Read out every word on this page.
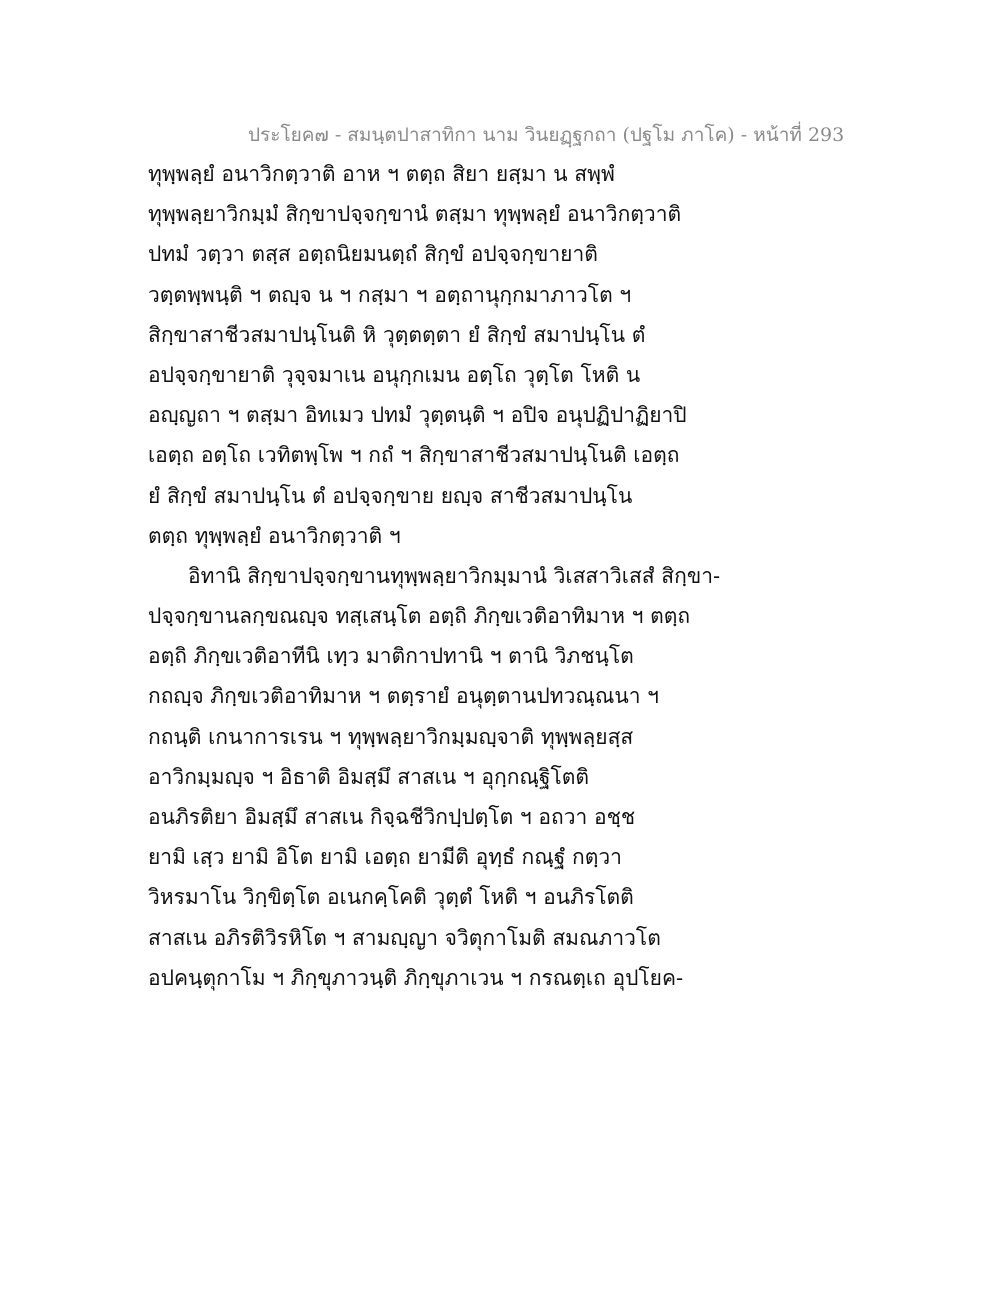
ประโยค๗ - สมนฺตปาสาทิกา นาม วินยฏฺฐกถา (ปฐโม ภาโค) - หน้าที่ 293
ทุพฺพลฺยํ อนาวิกตฺวาติ อาห ฯ ตตฺถ สิยา ยสฺมา น สพฺพํ
ทุพฺพลฺยาวิกมฺมํ สิกฺขาปจฺจกฺขานํ ตสฺมา ทุพฺพลฺยํ อนาวิกตฺวาติ
ปทมํ วตฺวา ตสฺส อตฺถนิยมนตฺถํ สิกฺขํ อปจฺจกฺขายาติ
วตฺตพฺพนฺติ ฯ ตญฺจ น ฯ กสฺมา ฯ อตฺถานุกฺกมาภาวโต ฯ
สิกฺขาสาชีวสมาปนฺโนติ หิ วุตฺตตฺตา ยํ สิกฺขํ สมาปนฺโน ตํ
อปจฺจกฺขายาติ วุจฺจมาเน อนุกฺกเมน อตฺโถ วุตฺโต โหติ น
อญฺญถา ฯ ตสฺมา อิทเมว ปทมํ วุตฺตนฺติ ฯ อปิจ อนุปฏิปาฏิยาปิ
เอตฺถ อตฺโถ เวทิตพฺโพ ฯ กถํ ฯ สิกฺขาสาชีวสมาปนฺโนติ เอตฺถ
ยํ สิกฺขํ สมาปนฺโน ตํ อปจฺจกฺขาย ยญฺจ สาชีวสมาปนฺโน
ตตฺถ ทุพฺพลฺยํ อนาวิกตฺวาติ ฯ
อิทานิ สิกฺขาปจฺจกฺขานทุพฺพลฺยาวิกมฺมานํ วิเสสาวิเสสํ สิกฺขา-
ปจฺจกฺขานลกฺขณญฺจ ทสฺเสนฺโต อตฺถิ ภิกฺขเวติอาทิมาห ฯ ตตฺถ
อตฺถิ ภิกฺขเวติอาทีนิ เทฺว มาติกาปทานิ ฯ ตานิ วิภชนฺโต
กถญฺจ ภิกฺขเวติอาทิมาห ฯ ตตฺรายํ อนุตฺตานปทวณฺณนา ฯ
กถนฺติ เกนาการเรน ฯ ทุพฺพลฺยาวิกมฺมญฺจาติ ทุพฺพลฺยสฺส
อาวิกมฺมญฺจ ฯ อิธาติ อิมสฺมึ สาสเน ฯ อุกฺกณฺฐิโตติ
อนภิรติยา อิมสฺมึ สาสเน กิจฺฉชีวิกปฺปตฺโต ฯ อถวา อชฺช
ยามิ เสฺว ยามิ อิโต ยามิ เอตฺถ ยามีติ อุทฺธํ กณฺฐํ กตฺวา
วิหรมาโน วิกฺขิตฺโต อเนกคฺโคติ วุตฺตํ โหติ ฯ อนภิรโตติ
สาสเน อภิรติวิรหิโต ฯ สามญฺญา จวิตุกาโมติ สมณภาวโต
อปคนฺตุกาโม ฯ ภิกฺขุภาวนฺติ ภิกฺขุภาเวน ฯ กรณตฺเถ อุปโยค-
